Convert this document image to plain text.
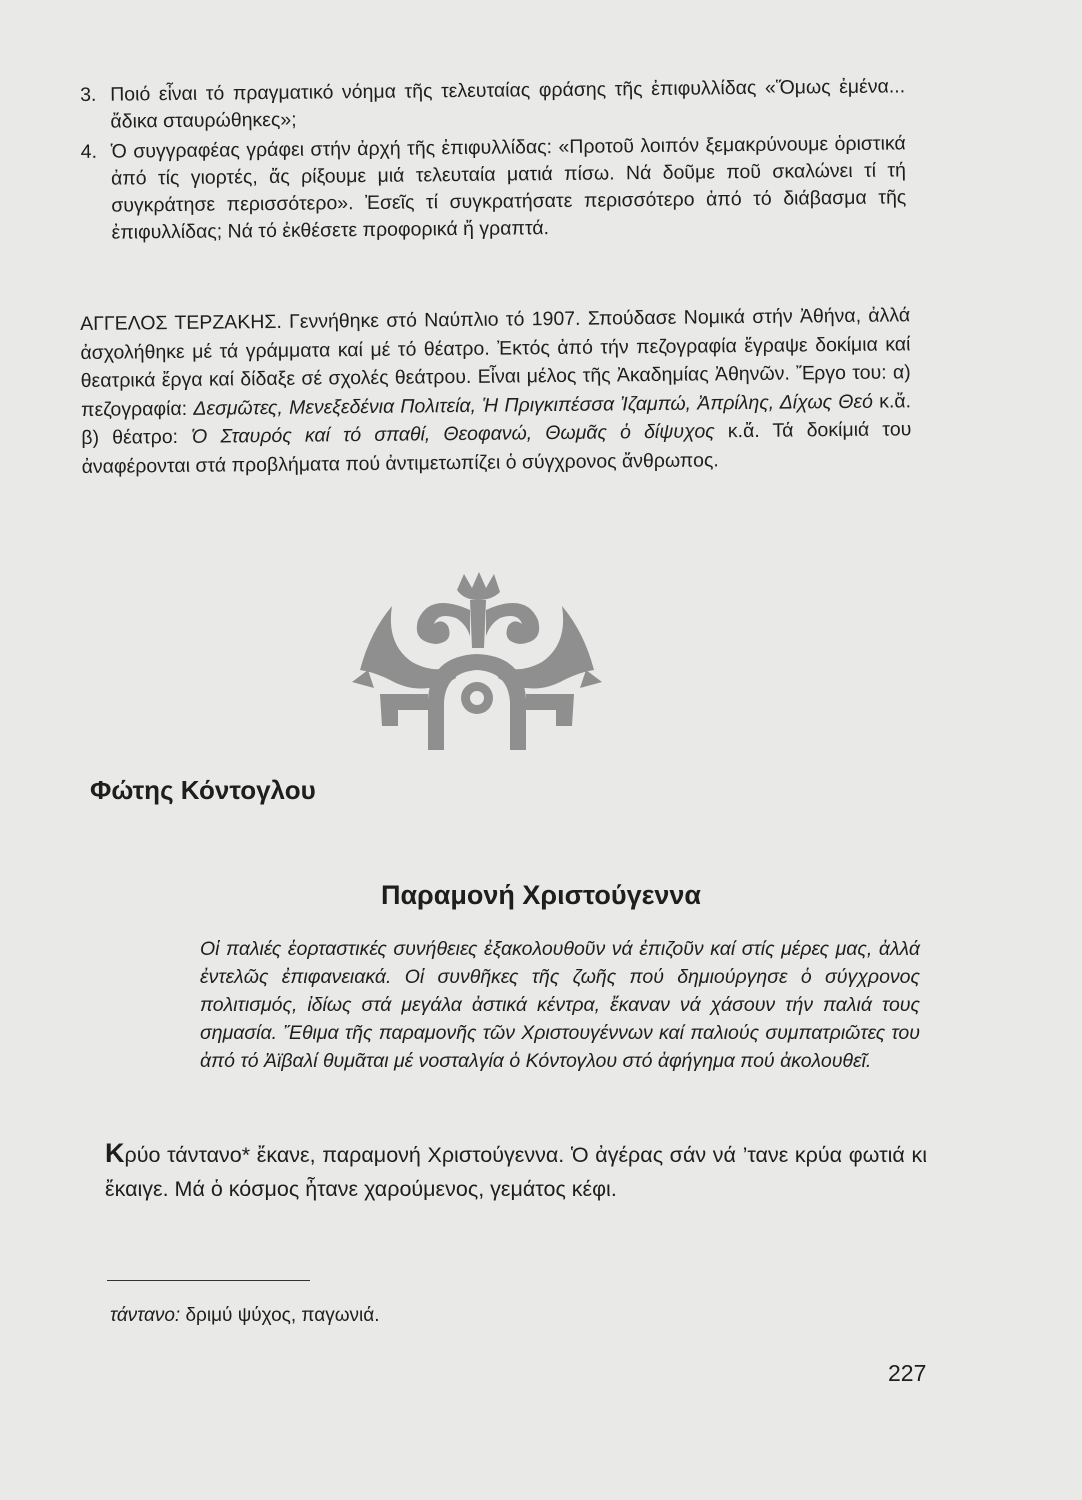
3. Ποιό εἶναι τό πραγματικό νόημα τῆς τελευταίας φράσης τῆς ἐπιφυλλίδας «Ὅμως ἐμένα... ἄδικα σταυρώθηκες»;
4. Ὁ συγγραφέας γράφει στήν ἀρχή τῆς ἐπιφυλλίδας: «Προτοῦ λοιπόν ξεμακρύνουμε ὁριστικά ἀπό τίς γιορτές, ἄς ρίξουμε μιά τελευταία ματιά πίσω. Νά δοῦμε ποῦ σκαλώνει τί τή συγκράτησε περισσότερο». Ἐσεῖς τί συγκρατήσατε περισσότερο ἀπό τό διάβασμα τῆς ἐπιφυλλίδας; Νά τό ἐκθέσετε προφορικά ἤ γραπτά.
ΑΓΓΕΛΟΣ ΤΕΡΖΑΚΗΣ. Γεννήθηκε στό Ναύπλιο τό 1907. Σπούδασε Νομικά στήν Ἀθήνα, ἀλλά ἀσχολήθηκε μέ τά γράμματα καί μέ τό θέατρο. Ἐκτός ἀπό τήν πεζογραφία ἔγραψε δοκίμια καί θεατρικά ἔργα καί δίδαξε σέ σχολές θεάτρου. Εἶναι μέλος τῆς Ἀκαδημίας Ἀθηνῶν. Ἔργο του: α) πεζογραφία: Δεσμῶτες, Μενεξεδένια Πολιτεία, Ἡ Πριγκιπέσσα Ἰζαμπώ, Ἀπρίλης, Δίχως Θεό κ.ἄ. β) θέατρο: Ὁ Σταυρός καί τό σπαθί, Θεοφανώ, Θωμᾶς ὁ δίψυχος κ.ἄ. Τά δοκίμιά του ἀναφέρονται στά προβλήματα πού ἀντιμετωπίζει ὁ σύγχρονος ἄνθρωπος.
Φώτης Κόντογλου
Παραμονή Χριστούγεννα
Οἱ παλιές ἑορταστικές συνήθειες ἐξακολουθοῦν νά ἐπιζοῦν καί στίς μέρες μας, ἀλλά ἐντελῶς ἐπιφανειακά. Οἱ συνθῆκες τῆς ζωῆς πού δημιούργησε ὁ σύγχρονος πολιτισμός, ἰδίως στά μεγάλα ἀστικά κέντρα, ἔκαναν νά χάσουν τήν παλιά τους σημασία. Ἔθιμα τῆς παραμονῆς τῶν Χριστουγέννων καί παλιούς συμπατριῶτες του ἀπό τό Ἀϊβαλί θυμᾶται μέ νοσταλγία ὁ Κόντογλου στό ἀφήγημα πού ἀκολουθεῖ.
Κρύο τάντανο* ἔκανε, παραμονή Χριστούγεννα. Ὁ ἀγέρας σάν νά ’τανε κρύα φωτιά κι ἔκαιγε. Μά ὁ κόσμος ἦτανε χαρούμενος, γεμάτος κέφι.
τάντανο: δριμύ ψύχος, παγωνιά.
227
